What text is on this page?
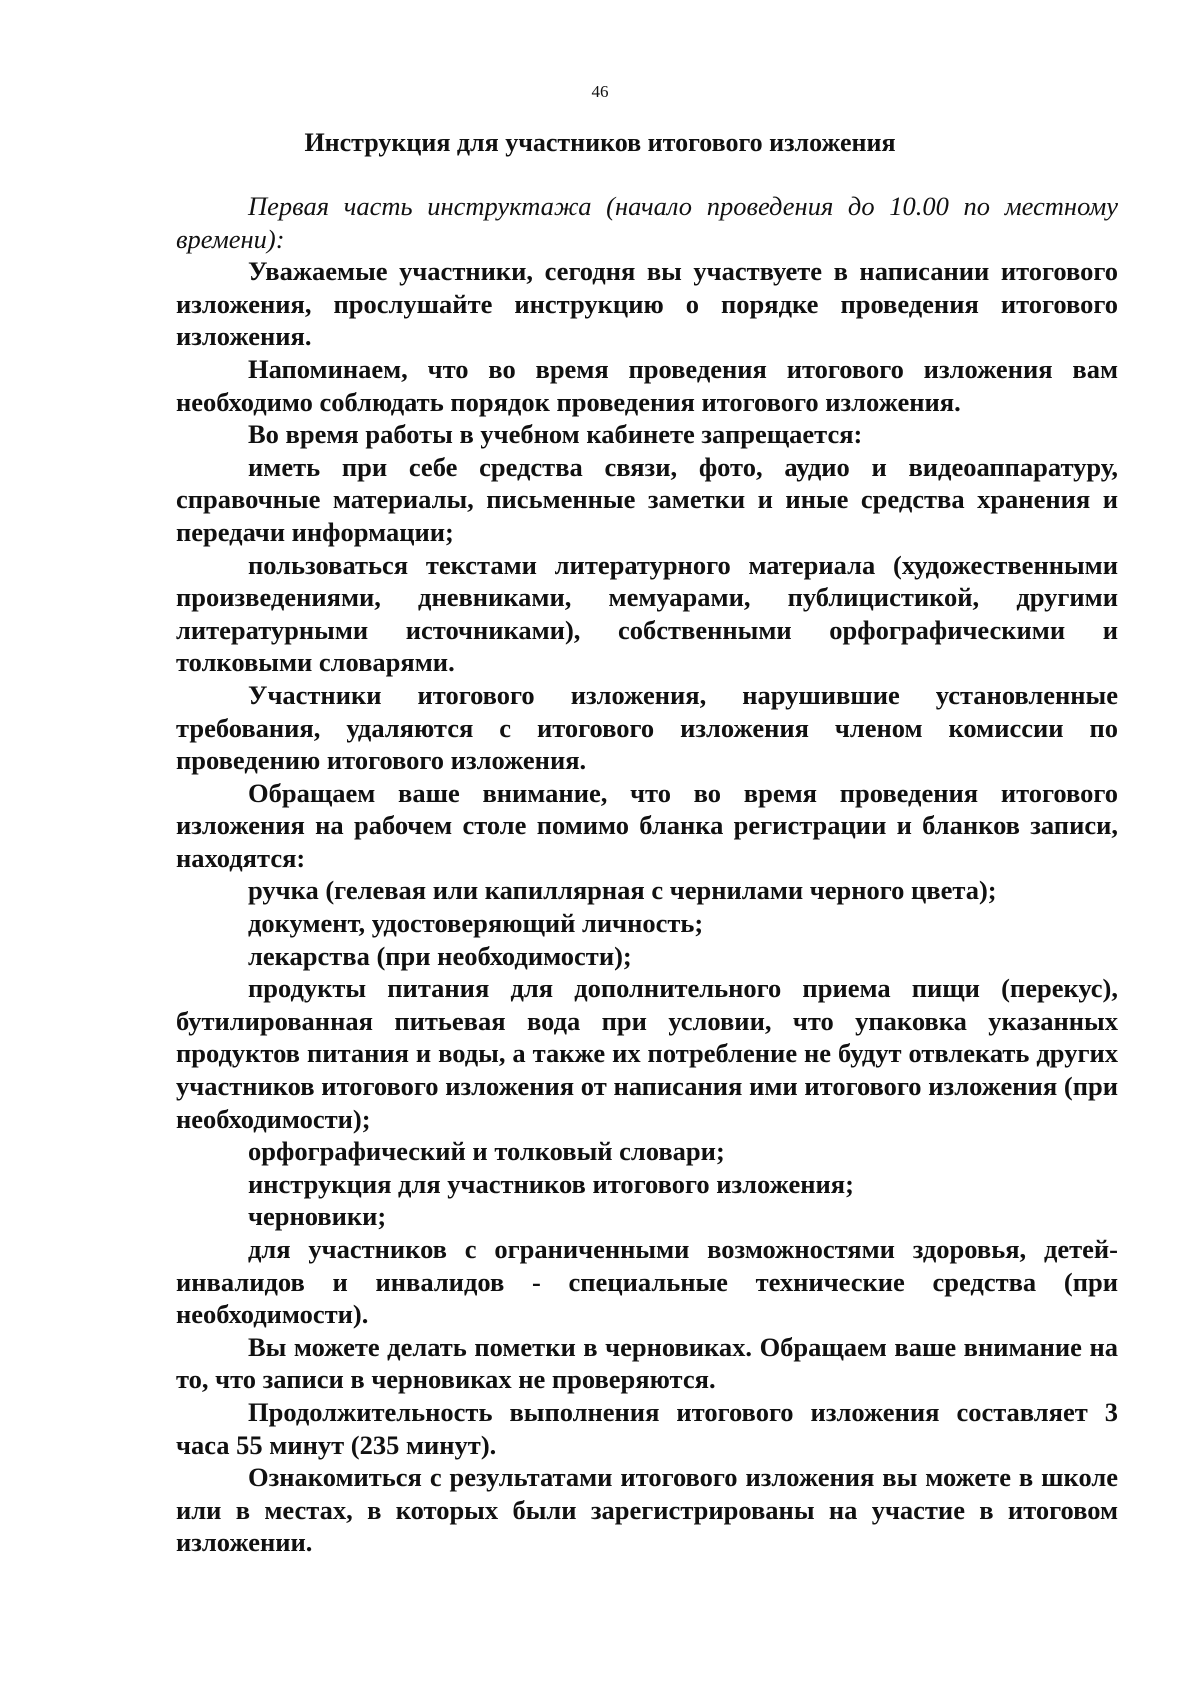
46
Инструкция для участников итогового изложения

Первая часть инструктажа (начало проведения до 10.00 по местному времени):

Уважаемые участники, сегодня вы участвуете в написании итогового изложения, прослушайте инструкцию о порядке проведения итогового изложения.

Напоминаем, что во время проведения итогового изложения вам необходимо соблюдать порядок проведения итогового изложения.

Во время работы в учебном кабинете запрещается:

иметь при себе средства связи, фото, аудио и видеоаппаратуру, справочные материалы, письменные заметки и иные средства хранения и передачи информации;

пользоваться текстами литературного материала (художественными произведениями, дневниками, мемуарами, публицистикой, другими литературными источниками), собственными орфографическими и толковыми словарями.

Участники итогового изложения, нарушившие установленные требования, удаляются с итогового изложения членом комиссии по проведению итогового изложения.

Обращаем ваше внимание, что во время проведения итогового изложения на рабочем столе помимо бланка регистрации и бланков записи, находятся:

ручка (гелевая или капиллярная с чернилами черного цвета);

документ, удостоверяющий личность;

лекарства (при необходимости);

продукты питания для дополнительного приема пищи (перекус), бутилированная питьевая вода при условии, что упаковка указанных продуктов питания и воды, а также их потребление не будут отвлекать других участников итогового изложения от написания ими итогового изложения (при необходимости);

орфографический и толковый словари;

инструкция для участников итогового изложения;

черновики;

для участников с ограниченными возможностями здоровья, детей-инвалидов и инвалидов - специальные технические средства (при необходимости).

Вы можете делать пометки в черновиках. Обращаем ваше внимание на то, что записи в черновиках не проверяются.

Продолжительность выполнения итогового изложения составляет 3 часа 55 минут (235 минут).

Ознакомиться с результатами итогового изложения вы можете в школе или в местах, в которых были зарегистрированы на участие в итоговом изложении.
